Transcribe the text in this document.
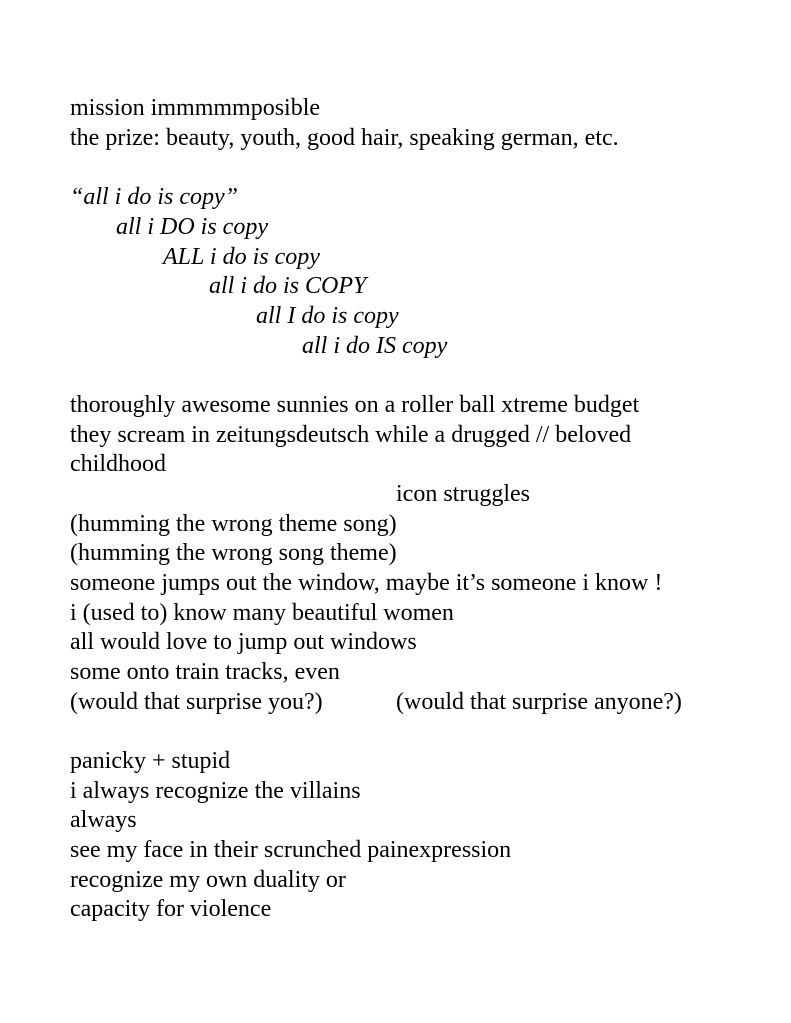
mission immmmmposible

the prize: beauty, youth, good hair, speaking german, etc.

“all i do is copy”

all i DO is copy

ALL i do is copy

all i do is COPY

all I do is copy

all i do IS copy

thoroughly awesome sunnies on a roller ball xtreme budget

they scream in zeitungsdeutsch while a drugged // beloved

childhood

icon struggles

(humming the wrong theme song)

(humming the wrong song theme)

someone jumps out the window, maybe it’s someone i know !

i (used to) know many beautiful women

all would love to jump out windows

some onto train tracks, even

(would that surprise you?)	(would that surprise anyone?)

panicky + stupid

i always recognize the villains

always

see my face in their scrunched painexpression

recognize my own duality or

capacity for violence
